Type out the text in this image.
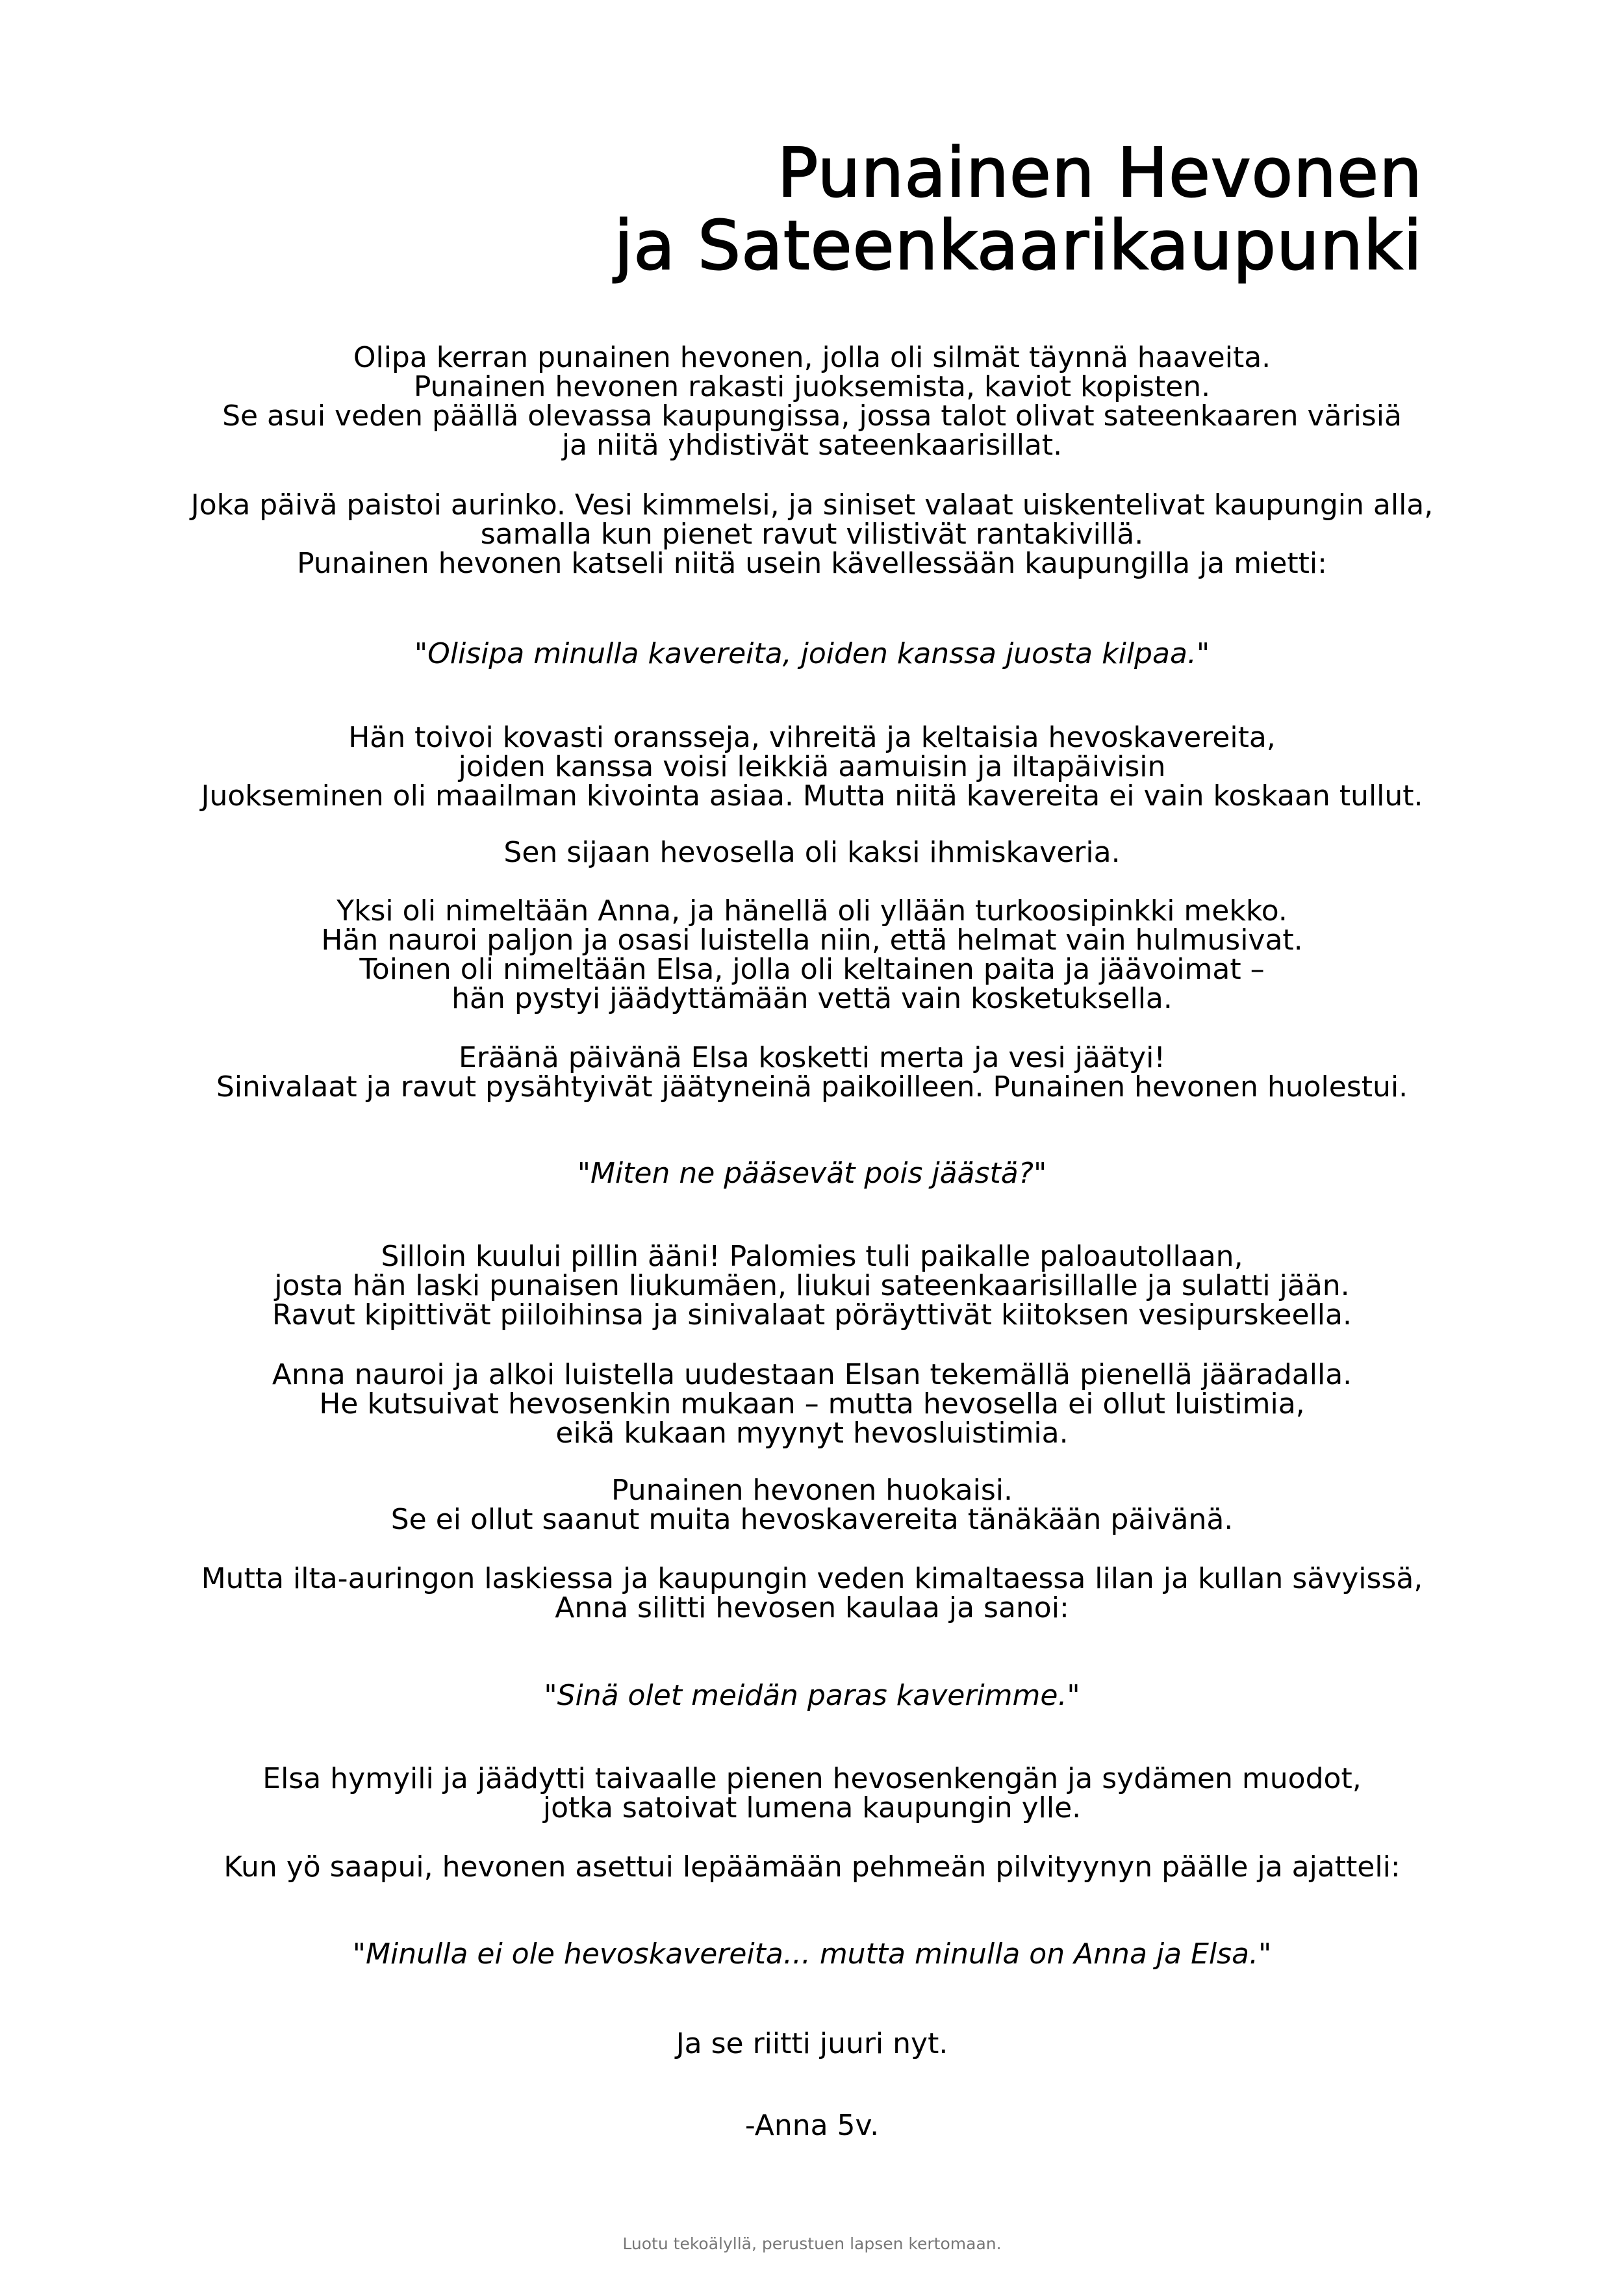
Punainen Hevonen
ja Sateenkaarikaupunki

Olipa kerran punainen hevonen, jolla oli silmät täynnä haaveita.
Punainen hevonen rakasti juoksemista, kaviot kopisten.
Se asui veden päällä olevassa kaupungissa, jossa talot olivat sateenkaaren värisiä
ja niitä yhdistivät sateenkaarisillat.

Joka päivä paistoi aurinko. Vesi kimmelsi, ja siniset valaat uiskentelivat kaupungin alla,
samalla kun pienet ravut vilistivät rantakivillä.
Punainen hevonen katseli niitä usein kävellessään kaupungilla ja mietti:

"Olisipa minulla kavereita, joiden kanssa juosta kilpaa."

Hän toivoi kovasti oransseja, vihreitä ja keltaisia hevoskavereita,
joiden kanssa voisi leikkiä aamuisin ja iltapäivisin
Juokseminen oli maailman kivointa asiaa. Mutta niitä kavereita ei vain koskaan tullut.

Sen sijaan hevosella oli kaksi ihmiskaveria.

Yksi oli nimeltään Anna, ja hänellä oli yllään turkoosipinkki mekko.
Hän nauroi paljon ja osasi luistella niin, että helmat vain hulmusivat.
Toinen oli nimeltään Elsa, jolla oli keltainen paita ja jäävoimat –
hän pystyi jäädyttämään vettä vain kosketuksella.

Eräänä päivänä Elsa kosketti merta ja vesi jäätyi!
Sinivalaat ja ravut pysähtyivät jäätyneinä paikoilleen. Punainen hevonen huolestui.

"Miten ne pääsevät pois jäästä?"

Silloin kuului pillin ääni! Palomies tuli paikalle paloautollaan,
josta hän laski punaisen liukumäen, liukui sateenkaarisillalle ja sulatti jään.
Ravut kipittivät piiloihinsa ja sinivalaat pöräyttivät kiitoksen vesipurskeella.

Anna nauroi ja alkoi luistella uudestaan Elsan tekemällä pienellä jääradalla.
He kutsuivat hevosenkin mukaan – mutta hevosella ei ollut luistimia,
eikä kukaan myynyt hevosluistimia.

Punainen hevonen huokaisi.
Se ei ollut saanut muita hevoskavereita tänäkään päivänä.

Mutta ilta-auringon laskiessa ja kaupungin veden kimaltaessa lilan ja kullan sävyissä,
Anna silitti hevosen kaulaa ja sanoi:

"Sinä olet meidän paras kaverimme."

Elsa hymyili ja jäädytti taivaalle pienen hevosenkengän ja sydämen muodot,
jotka satoivat lumena kaupungin ylle.

Kun yö saapui, hevonen asettui lepäämään pehmeän pilvityynyn päälle ja ajatteli:

"Minulla ei ole hevoskavereita... mutta minulla on Anna ja Elsa."

Ja se riitti juuri nyt.

-Anna 5v.

Luotu tekoälyllä, perustuen lapsen kertomaan.
